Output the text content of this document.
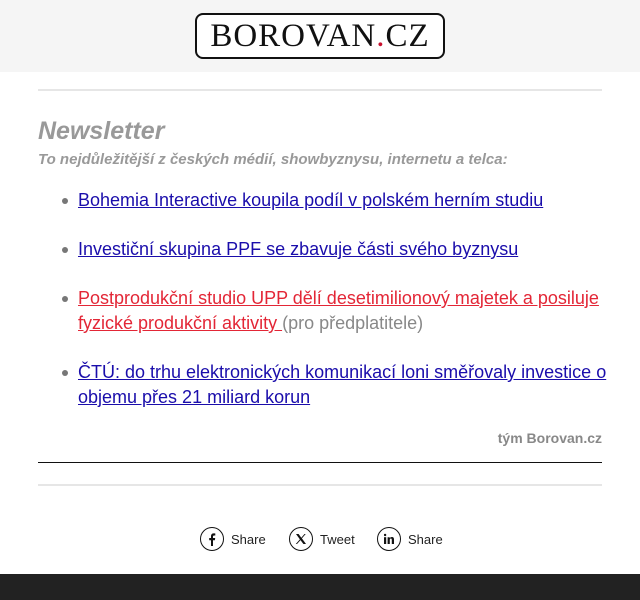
BOROVAN.CZ
Newsletter
To nejdůležitější z českých médií, showbyznysu, internetu a telca:
Bohemia Interactive koupila podíl v polském herním studiu
Investiční skupina PPF se zbavuje části svého byznysu
Postprodukční studio UPP dělí desetimilionový majetek a posiluje fyzické produkční aktivity (pro předplatitele)
ČTÚ: do trhu elektronických komunikací loni směřovaly investice o objemu přes 21 miliard korun
tým Borovan.cz
Share	Tweet	Share
